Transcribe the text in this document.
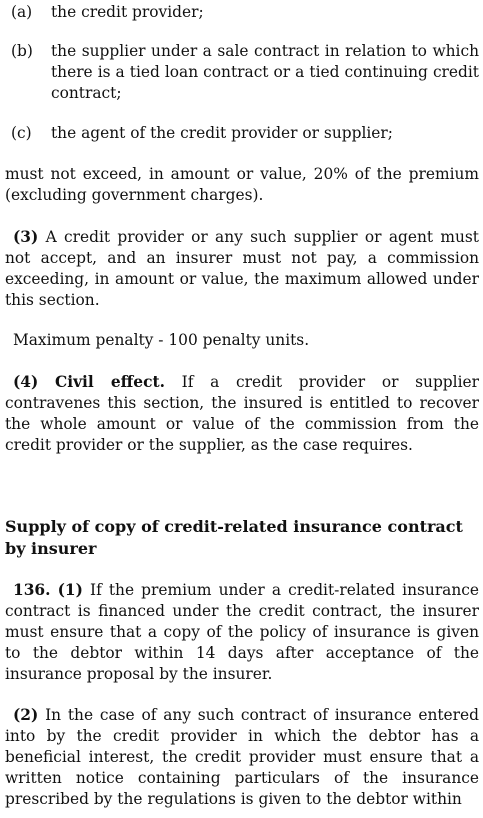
(a)	the credit provider;
(b)	the supplier under a sale contract in relation to which there is a tied loan contract or a tied continuing credit contract;
(c)	the agent of the credit provider or supplier;

must not exceed, in amount or value, 20% of the premium (excluding government charges).

(3) A credit provider or any such supplier or agent must not accept, and an insurer must not pay, a commission exceeding, in amount or value, the maximum allowed under this section.

Maximum penalty - 100 penalty units.

(4) Civil effect. If a credit provider or supplier contravenes this section, the insured is entitled to recover the whole amount or value of the commission from the credit provider or the supplier, as the case requires.

Supply of copy of credit-related insurance contract by insurer

136. (1) If the premium under a credit-related insurance contract is financed under the credit contract, the insurer must ensure that a copy of the policy of insurance is given to the debtor within 14 days after acceptance of the insurance proposal by the insurer.

(2) In the case of any such contract of insurance entered into by the credit provider in which the debtor has a beneficial interest, the credit provider must ensure that a written notice containing particulars of the insurance prescribed by the regulations is given to the debtor within
